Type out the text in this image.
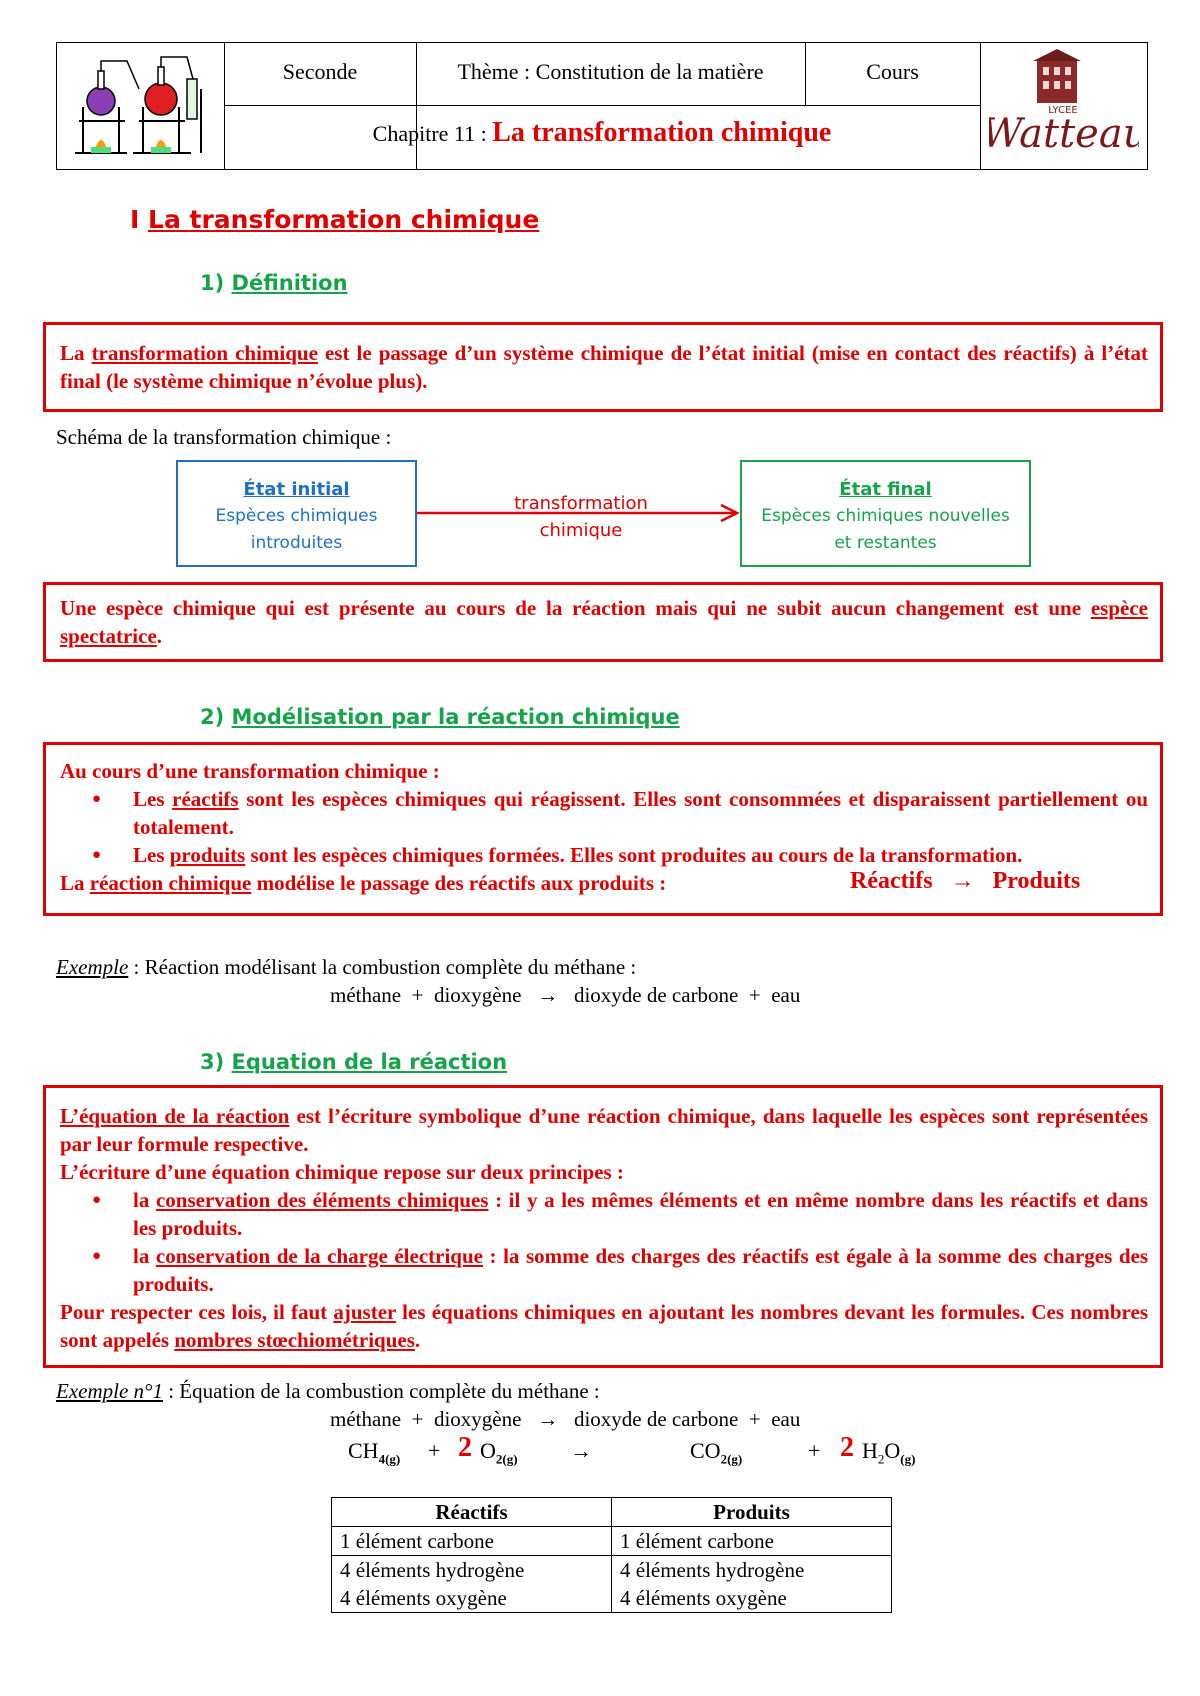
Seconde	Thème : Constitution de la matière	Cours
Chapitre 11 : La transformation chimique
LYCEE
Wattea
I La transformation chimique
1) Définition
La transformation chimique est le passage d’un système chimique de l’état initial (mise en contact des réactifs) à l’état final (le système chimique n’évolue plus).
Schéma de la transformation chimique :
État initial
Espèces chimiques introduites
transformation chimique
État final
Espèces chimiques nouvelles et restantes
Une espèce chimique qui est présente au cours de la réaction mais qui ne subit aucun changement est une espèce spectatrice.
2) Modélisation par la réaction chimique
Au cours d’une transformation chimique :
● Les réactifs sont les espèces chimiques qui réagissent. Elles sont consommées et disparaissent partiellement ou totalement.
● Les produits sont les espèces chimiques formées. Elles sont produites au cours de la transformation.
La réaction chimique modélise le passage des réactifs aux produits :	Réactifs   →   Produits
Exemple : Réaction modélisant la combustion complète du méthane :
méthane  +  dioxygène   →   dioxyde de carbone  +  eau
3) Equation de la réaction
L’équation de la réaction est l’écriture symbolique d’une réaction chimique, dans laquelle les espèces sont représentées par leur formule respective.
L’écriture d’une équation chimique repose sur deux principes :
● la conservation des éléments chimiques : il y a les mêmes éléments et en même nombre dans les réactifs et dans les produits.
● la conservation de la charge électrique : la somme des charges des réactifs est égale à la somme des charges des produits.
Pour respecter ces lois, il faut ajuster les équations chimiques en ajoutant les nombres devant les formules. Ces nombres sont appelés nombres stœchiométriques.
Exemple n°1 : Équation de la combustion complète du méthane :
méthane  +  dioxygène   →   dioxyde de carbone  +  eau
$CH_{4(g)} + 2$ $O_{2(g)}$ →	$CO_{2(g)}$	+ 2 $H_2O_{(g)}$
Réactifs	Produits
1 élément carbone	1 élément carbone
4 éléments hydrogène	4 éléments hydrogène
4 éléments oxygène	4 éléments oxygène
